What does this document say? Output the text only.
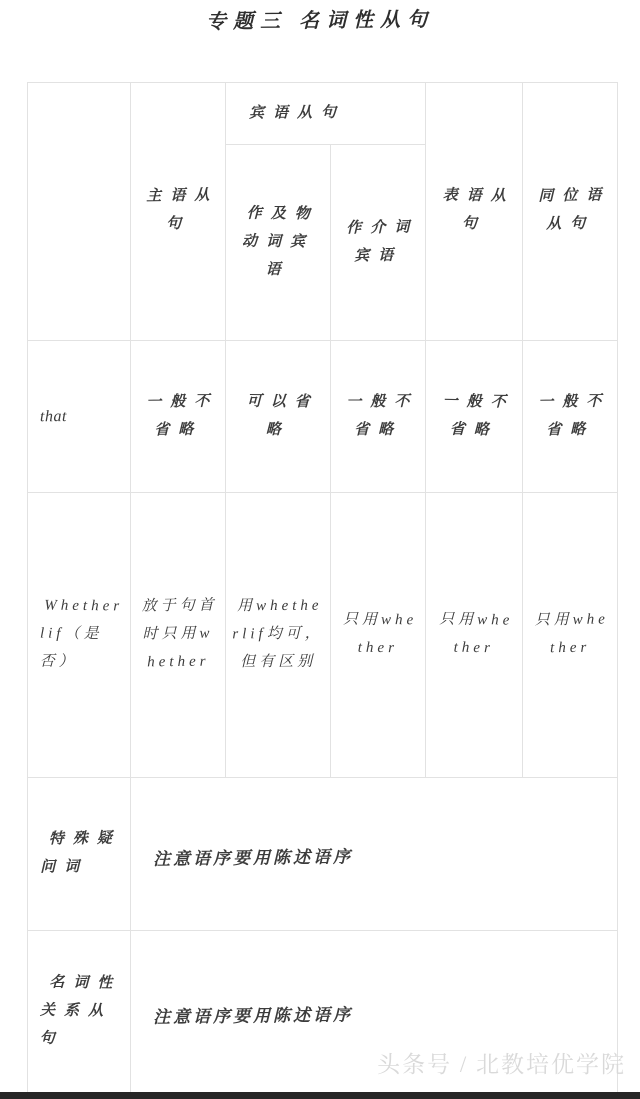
专题三 名词性从句

	主语从句	宾语从句		表语从句	同位语从句

		作及物动词宾语	作介词宾语		

that	一般不省略	可以省略	一般不省略	一般不省略	一般不省略

Whetherlif（是否）	放于句首时只用whether	用whetherlif均可，但有区别	只用whether	只用whether	只用whether

特殊疑问词	注意语序要用陈述语序				

名词性关系从句	注意语序要用陈述语序				
头条号 / 北教培优学院
